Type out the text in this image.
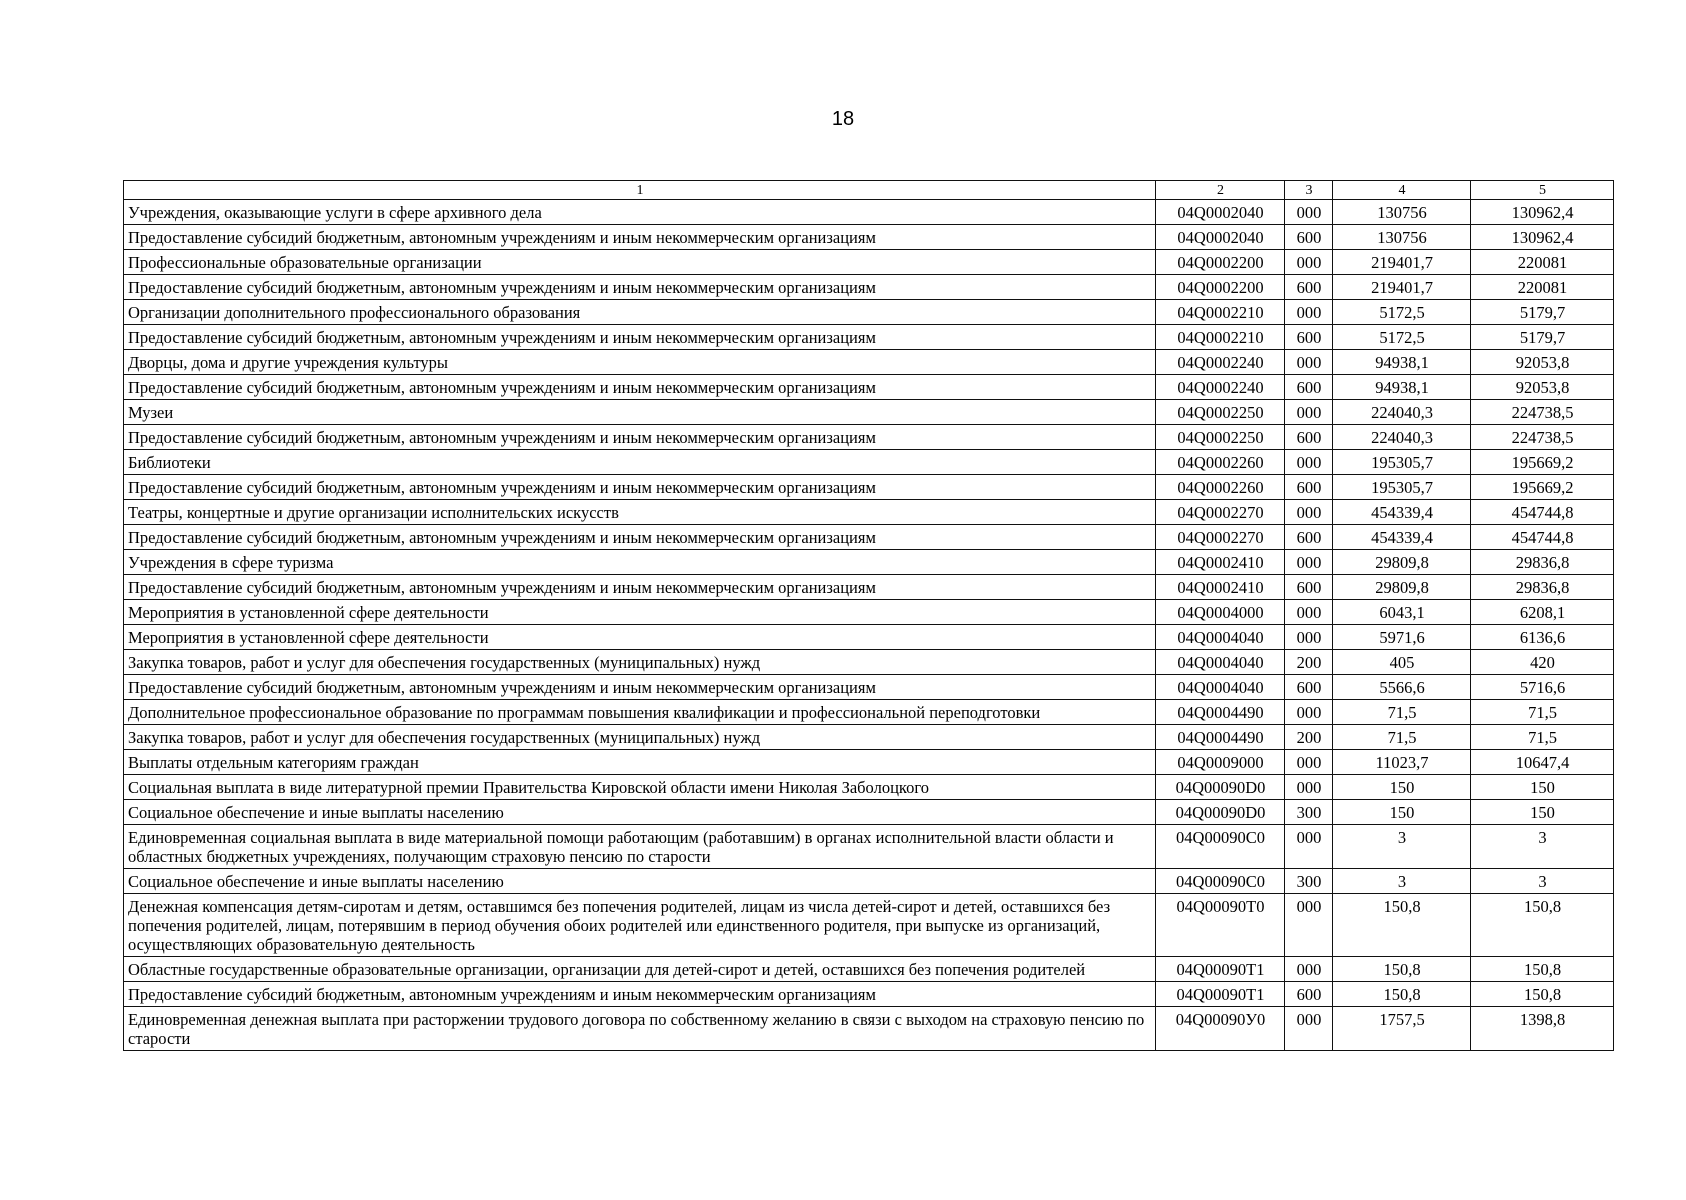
18
1	2	3	4	5
Учреждения, оказывающие услуги в сфере архивного дела	04Q0002040	000	130756	130962,4
Предоставление субсидий бюджетным, автономным учреждениям и иным некоммерческим организациям	04Q0002040	600	130756	130962,4
Профессиональные образовательные организации	04Q0002200	000	219401,7	220081
Предоставление субсидий бюджетным, автономным учреждениям и иным некоммерческим организациям	04Q0002200	600	219401,7	220081
Организации дополнительного профессионального образования	04Q0002210	000	5172,5	5179,7
Предоставление субсидий бюджетным, автономным учреждениям и иным некоммерческим организациям	04Q0002210	600	5172,5	5179,7
Дворцы, дома и другие учреждения культуры	04Q0002240	000	94938,1	92053,8
Предоставление субсидий бюджетным, автономным учреждениям и иным некоммерческим организациям	04Q0002240	600	94938,1	92053,8
Музеи	04Q0002250	000	224040,3	224738,5
Предоставление субсидий бюджетным, автономным учреждениям и иным некоммерческим организациям	04Q0002250	600	224040,3	224738,5
Библиотеки	04Q0002260	000	195305,7	195669,2
Предоставление субсидий бюджетным, автономным учреждениям и иным некоммерческим организациям	04Q0002260	600	195305,7	195669,2
Театры, концертные и другие организации исполнительских искусств	04Q0002270	000	454339,4	454744,8
Предоставление субсидий бюджетным, автономным учреждениям и иным некоммерческим организациям	04Q0002270	600	454339,4	454744,8
Учреждения в сфере туризма	04Q0002410	000	29809,8	29836,8
Предоставление субсидий бюджетным, автономным учреждениям и иным некоммерческим организациям	04Q0002410	600	29809,8	29836,8
Мероприятия в установленной сфере деятельности	04Q0004000	000	6043,1	6208,1
Мероприятия в установленной сфере деятельности	04Q0004040	000	5971,6	6136,6
Закупка товаров, работ и услуг для обеспечения государственных (муниципальных) нужд	04Q0004040	200	405	420
Предоставление субсидий бюджетным, автономным учреждениям и иным некоммерческим организациям	04Q0004040	600	5566,6	5716,6
Дополнительное профессиональное образование по программам повышения квалификации и профессиональной переподготовки	04Q0004490	000	71,5	71,5
Закупка товаров, работ и услуг для обеспечения государственных (муниципальных) нужд	04Q0004490	200	71,5	71,5
Выплаты отдельным категориям граждан	04Q0009000	000	11023,7	10647,4
Социальная выплата в виде литературной премии Правительства Кировской области имени Николая Заболоцкого	04Q00090D0	000	150	150
Социальное обеспечение и иные выплаты населению	04Q00090D0	300	150	150
Единовременная социальная выплата в виде материальной помощи работающим (работавшим) в органах исполнительной власти области и областных бюджетных учреждениях, получающим страховую пенсию по старости	04Q00090C0	000	3	3
Социальное обеспечение и иные выплаты населению	04Q00090C0	300	3	3
Денежная компенсация детям-сиротам и детям, оставшимся без попечения родителей, лицам из числа детей-сирот и детей, оставшихся без попечения родителей, лицам, потерявшим в период обучения обоих родителей или единственного родителя, при выпуске из организаций, осуществляющих образовательную деятельность	04Q00090T0	000	150,8	150,8
Областные государственные образовательные организации, организации для детей-сирот и детей, оставшихся без попечения родителей	04Q00090T1	000	150,8	150,8
Предоставление субсидий бюджетным, автономным учреждениям и иным некоммерческим организациям	04Q00090T1	600	150,8	150,8
Единовременная денежная выплата при расторжении трудового договора по собственному желанию в связи с выходом на страховую пенсию по старости	04Q00090У0	000	1757,5	1398,8
